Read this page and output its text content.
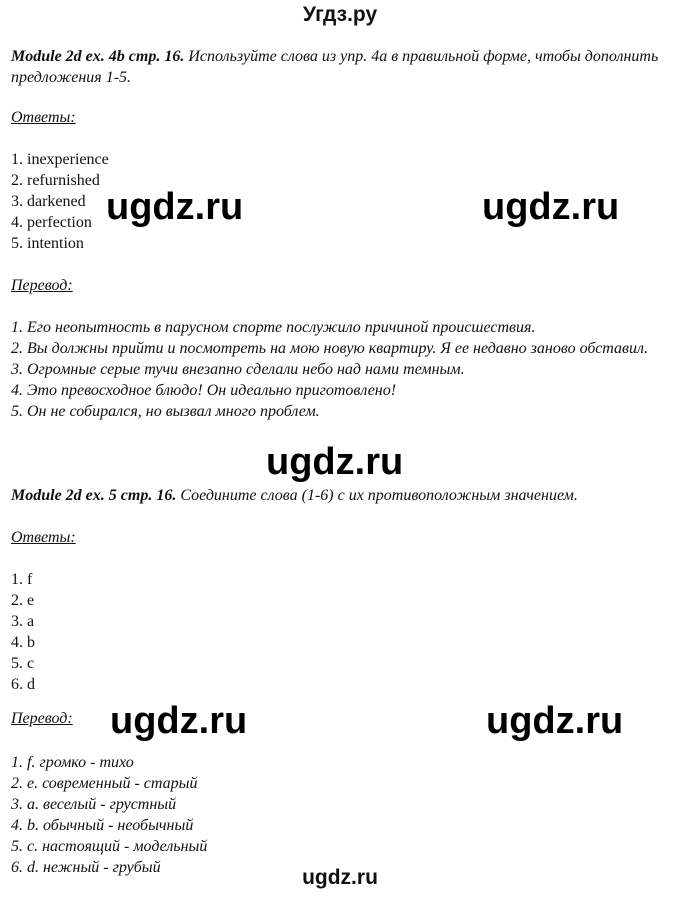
Угдз.ру
Module 2d ex. 4b стр. 16. Используйте слова из упр. 4a в правильной форме, чтобы дополнить предложения 1-5.
Ответы:
1. inexperience
2. refurnished
3. darkened
4. perfection
5. intention
Перевод:
1. Его неопытность в парусном спорте послужило причиной происшествия.
2. Вы должны прийти и посмотреть на мою новую квартиру. Я ее недавно заново обставил.
3. Огромные серые тучи внезапно сделали небо над нами темным.
4. Это превосходное блюдо! Он идеально приготовлено!
5. Он не собирался, но вызвал много проблем.
Module 2d ex. 5 стр. 16. Соедините слова (1-6) с их противоположным значением.
Ответы:
1. f
2. e
3. a
4. b
5. c
6. d
Перевод:
1. f. громко - тихо
2. e. современный - старый
3. a. веселый - грустный
4. b. обычный - необычный
5. c. настоящий - модельный
6. d. нежный - грубый
ugdz.ru	ugdz.ru
ugdz.ru
ugdz.ru	ugdz.ru
ugdz.ru
